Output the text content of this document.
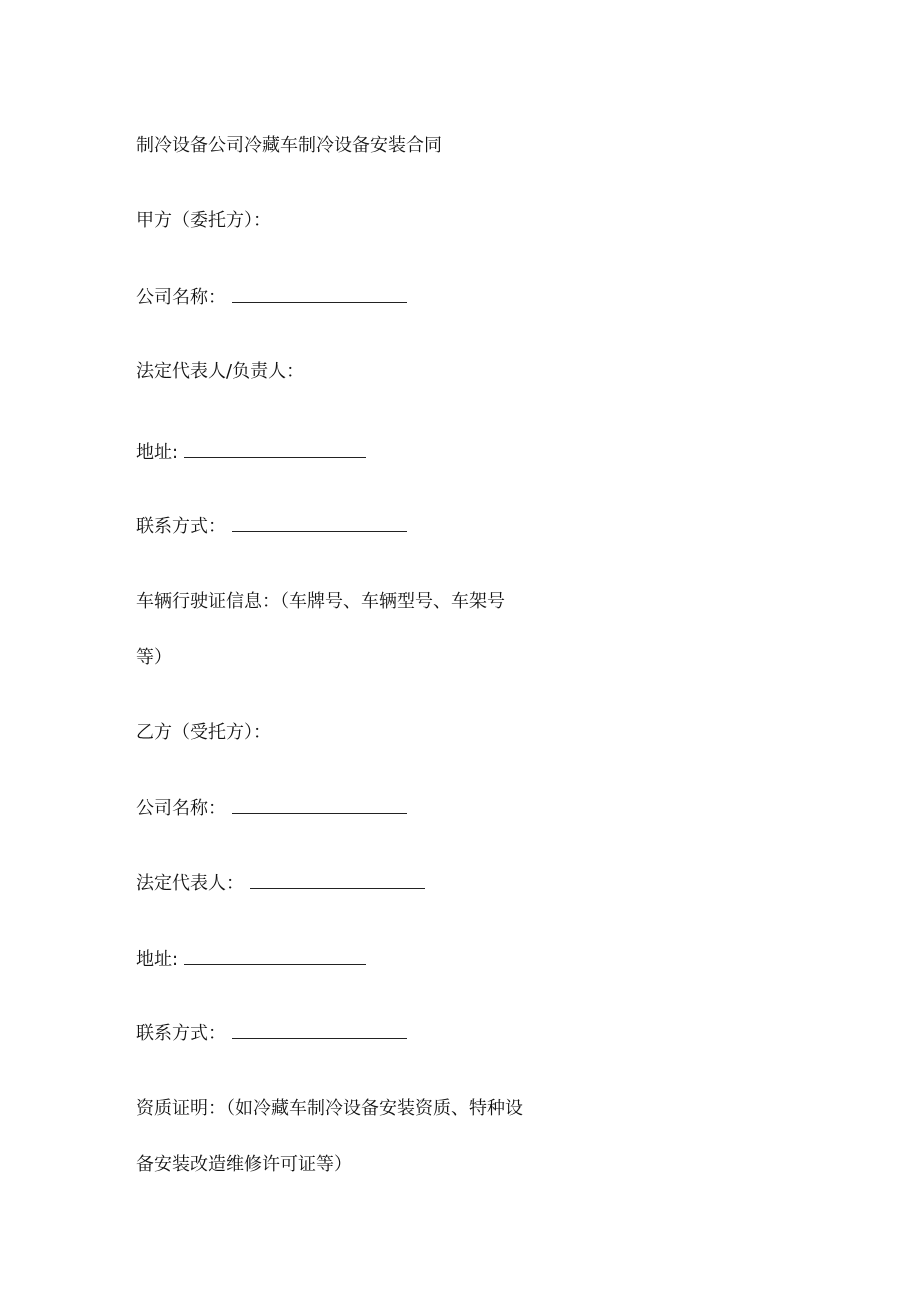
制冷设备公司冷藏车制冷设备安装合同
甲方（委托方）：
公司名称：
法定代表人/负责人：
地址:
联系方式：
车辆行驶证信息：（车牌号、车辆型号、车架号
等）
乙方（受托方）：
公司名称：
法定代表人：
地址:
联系方式：
资质证明：（如冷藏车制冷设备安装资质、特种设
备安装改造维修许可证等）
